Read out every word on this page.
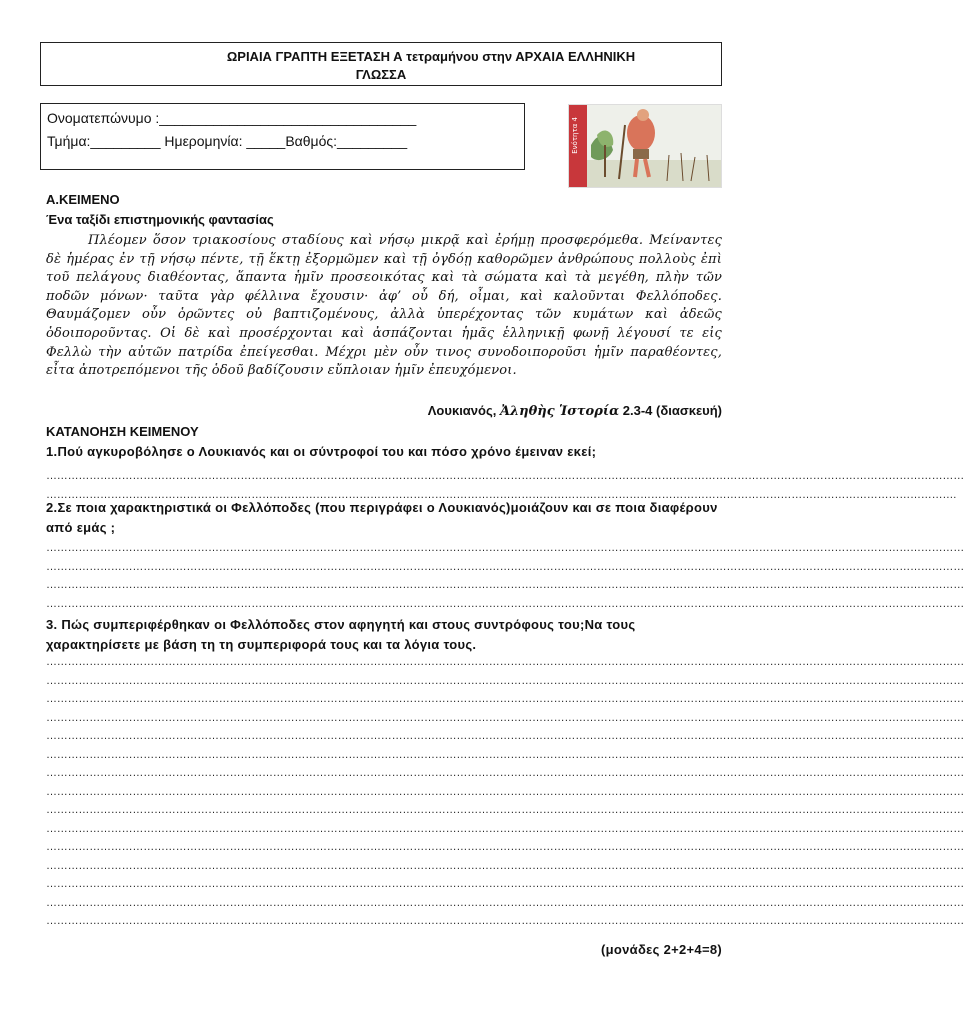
ΩΡΙΑΙΑ ΓΡΑΠΤΗ ΕΞΕΤΑΣΗ Α τετραμήνου στην ΑΡΧΑΙΑ ΕΛΛΗΝΙΚΗ
ΓΛΩΣΣΑ
Ονοματεπώνυμο :_________________________________
Τμήμα:_________ Ημερομηνία: _____Βαθμός:_________	Ενότητα 4
Α.ΚΕΙΜΕΝΟ
Ένα ταξίδι επιστημονικής φαντασίας

Πλέομεν ὅσον τριακοσίους σταδίους καὶ νήσῳ μικρᾷ καὶ ἐρήμῃ προσφερόμεθα. Μείναντες δὲ ἡμέρας ἐν τῇ νήσῳ πέντε, τῇ ἕκτῃ ἐξορμῶμεν καὶ τῇ ὀγδόῃ καθορῶμεν ἀνθρώπους πολλοὺς ἐπὶ τοῦ πελάγους διαθέοντας, ἅπαντα ἡμῖν προσεοικότας καὶ τὰ σώματα καὶ τὰ μεγέθη, πλὴν τῶν ποδῶν μόνων· ταῦτα γὰρ φέλλινα ἔχουσιν· ἀφ’ οὗ δή, οἶμαι, καὶ καλοῦνται Φελλόποδες. Θαυμάζομεν οὖν ὁρῶντες οὐ βαπτιζομένους, ἀλλὰ ὑπερέχοντας τῶν κυμάτων καὶ ἀδεῶς ὁδοιποροῦντας. Οἱ δὲ καὶ προσέρχονται καὶ ἀσπάζονται ἡμᾶς ἑλληνικῇ φωνῇ λέγουσί τε εἰς Φελλὼ τὴν αὐτῶν πατρίδα ἐπείγεσθαι. Μέχρι μὲν οὖν τινος συνοδοιποροῦσι ἡμῖν παραθέοντες, εἶτα ἀποτρεπόμενοι τῆς ὁδοῦ βαδίζουσιν εὔπλοιαν ἡμῖν ἐπευχόμενοι.

Λουκιανός, Ἀληθὴς Ἱστορία 2.3-4 (διασκευή)
ΚΑΤΑΝΟΗΣΗ ΚΕΙΜΕΝΟΥ
1.Πού αγκυροβόλησε ο Λουκιανός και οι σύντροφοί του και πόσο χρόνο έμειναν εκεί;
…………………………………………………………………………………………………………………………………………………………………………………………………………………………………
……………………………………………………………………………………………………………………………………………………………………………………………………………………………….
2.Σε ποια χαρακτηριστικά οι Φελλόποδες (που περιγράφει ο Λουκιανός)μοιάζουν και σε ποια διαφέρουν από εμάς ;
…………………………………………………………………………………………………………………………………………………………………………………………………………………………………
…………………………………………………………………………………………………………………………………………………………………………………………………………………………………
…………………………………………………………………………………………………………………………………………………………………………………………………………………………………
…………………………………………………………………………………………………………………………………………………………………………………………………………………………………
3. Πώς συμπεριφέρθηκαν οι Φελλόποδες στον αφηγητή και στους συντρόφους του;Να τους χαρακτηρίσετε με βάση τη τη συμπεριφορά τους και τα λόγια τους.
…………………………………………………………………………………………………………………………………………………………………………………………………………………………………
…………………………………………………………………………………………………………………………………………………………………………………………………………………………………
…………………………………………………………………………………………………………………………………………………………………………………………………………………………………
…………………………………………………………………………………………………………………………………………………………………………………………………………………………………
…………………………………………………………………………………………………………………………………………………………………………………………………………………………………
…………………………………………………………………………………………………………………………………………………………………………………………………………………………………
…………………………………………………………………………………………………………………………………………………………………………………………………………………………………
…………………………………………………………………………………………………………………………………………………………………………………………………………………………………
…………………………………………………………………………………………………………………………………………………………………………………………………………………………………
…………………………………………………………………………………………………………………………………………………………………………………………………………………………………
…………………………………………………………………………………………………………………………………………………………………………………………………………………………………
…………………………………………………………………………………………………………………………………………………………………………………………………………………………………
…………………………………………………………………………………………………………………………………………………………………………………………………………………………………
…………………………………………………………………………………………………………………………………………………………………………………………………………………………………
…………………………………………………………………………………………………………………………………………………………………………………………………………………………………
(μονάδες 2+2+4=8)
